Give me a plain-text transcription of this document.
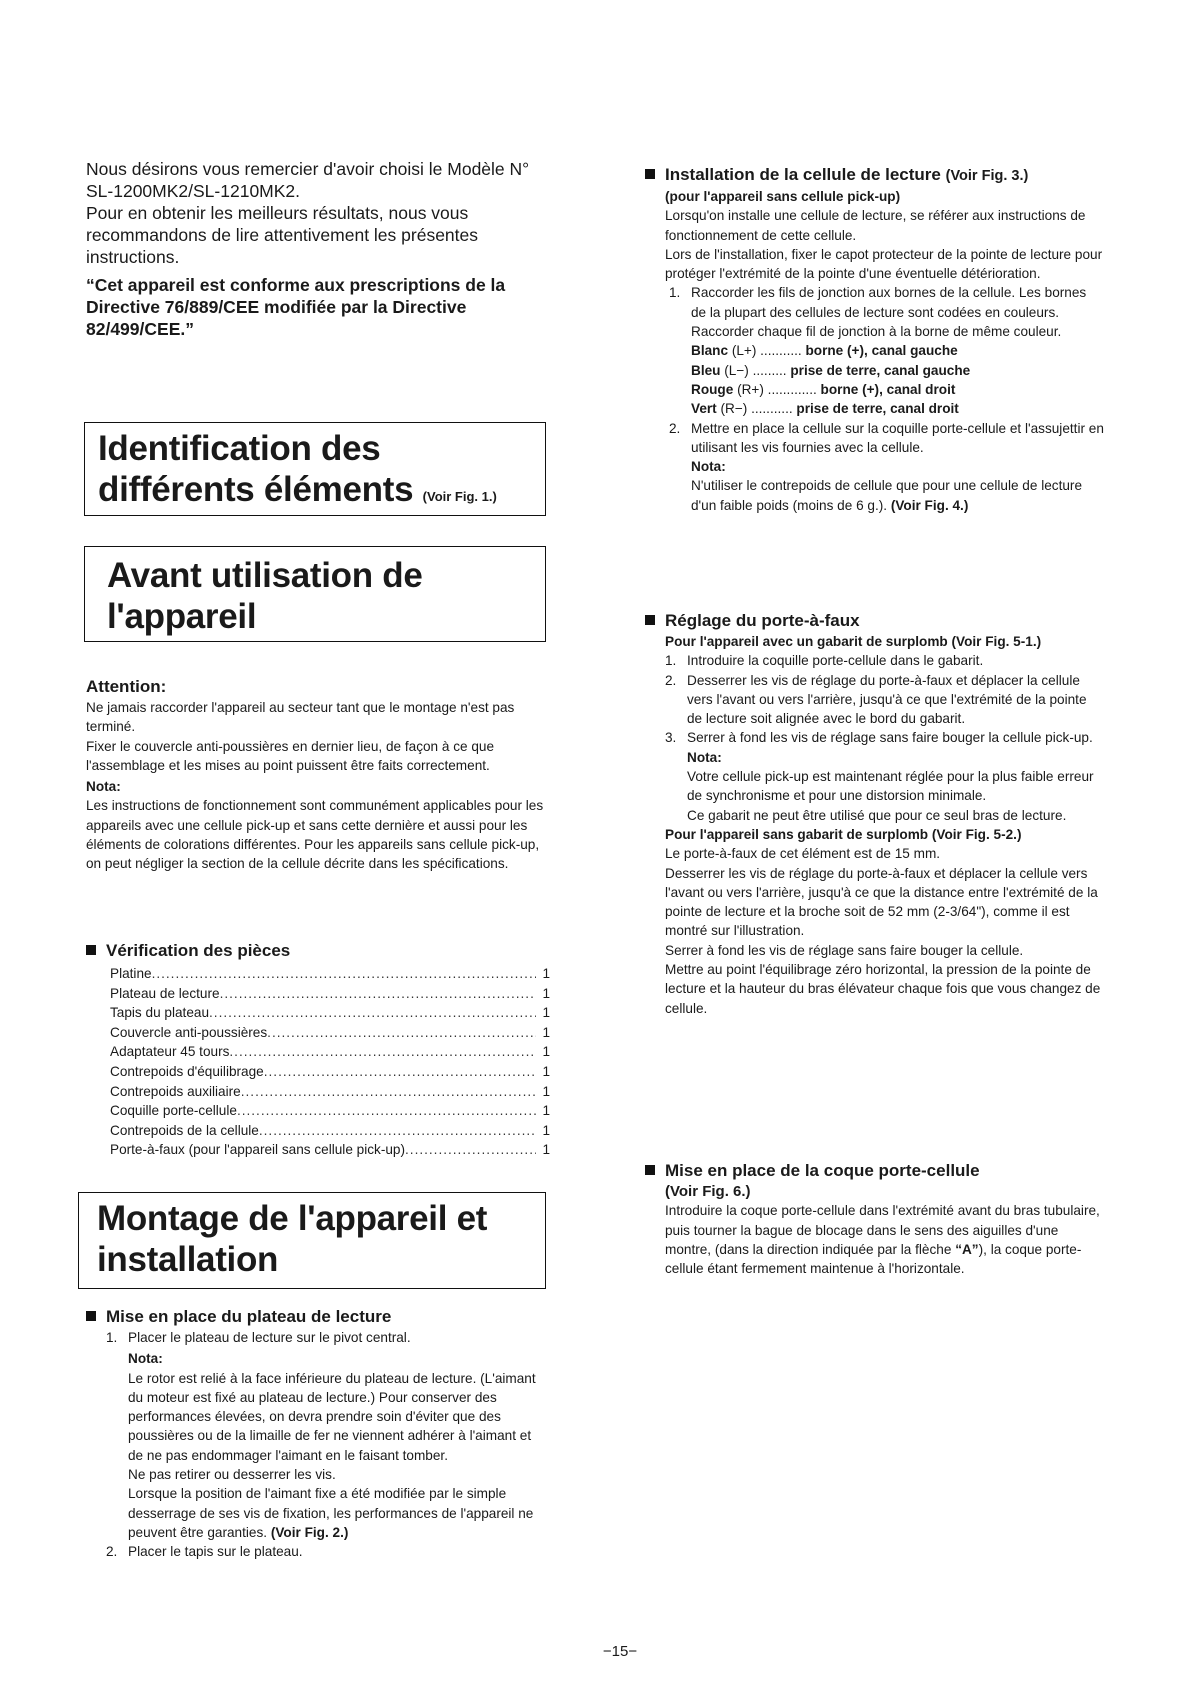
Nous désirons vous remercier d'avoir choisi le Modèle N° SL-1200MK2/SL-1210MK2.

Pour en obtenir les meilleurs résultats, nous vous recommandons de lire attentivement les présentes instructions.

“Cet appareil est conforme aux prescriptions de la Directive 76/889/CEE modifiée par la Directive 82/499/CEE.”

Identification des différents éléments (Voir Fig. 1.)
Avant utilisation de l'appareil
Attention:

Ne jamais raccorder l'appareil au secteur tant que le montage n'est pas terminé.

Fixer le couvercle anti-poussières en dernier lieu, de façon à ce que l'assemblage et les mises au point puissent être faits correctement.

Nota:

Les instructions de fonctionnement sont communément applicables pour les appareils avec une cellule pick-up et sans cette dernière et aussi pour les éléments de colorations différentes. Pour les appareils sans cellule pick-up, on peut négliger la section de la cellule décrite dans les spécifications.

Vérification des pièces
Platine .....	1
Plateau de lecture .....	1
Tapis du plateau .....	1
Couvercle anti-poussières .....	1
Adaptateur 45 tours .....	1
Contrepoids d'équilibrage .....	1
Contrepoids auxiliaire .....	1
Coquille porte-cellule .....	1
Contrepoids de la cellule .....	1
Porte-à-faux (pour l'appareil sans cellule pick-up) .....	1
Montage de l'appareil et installation
Mise en place du plateau de lecture
1. Placer le plateau de lecture sur le pivot central.

Nota:

Le rotor est relié à la face inférieure du plateau de lecture. (L'aimant du moteur est fixé au plateau de lecture.) Pour conserver des performances élevées, on devra prendre soin d'éviter que des poussières ou de la limaille de fer ne viennent adhérer à l'aimant et de ne pas endommager l'aimant en le faisant tomber.

Ne pas retirer ou desserrer les vis.

Lorsque la position de l'aimant fixe a été modifiée par le simple desserrage de ses vis de fixation, les performances de l'appareil ne peuvent être garanties. (Voir Fig. 2.)

2. Placer le tapis sur le plateau.
Installation de la cellule de lecture (Voir Fig. 3.)

(pour l'appareil sans cellule pick-up)

Lorsqu'on installe une cellule de lecture, se référer aux instructions de fonctionnement de cette cellule.

Lors de l'installation, fixer le capot protecteur de la pointe de lecture pour protéger l'extrémité de la pointe d'une éventuelle détérioration.

1. Raccorder les fils de jonction aux bornes de la cellule. Les bornes de la plupart des cellules de lecture sont codées en couleurs. Raccorder chaque fil de jonction à la borne de même couleur.
Blanc (L+) ........... borne (+), canal gauche
Bleu (L−) ......... prise de terre, canal gauche
Rouge (R+) ............. borne (+), canal droit
Vert (R−) ........... prise de terre, canal droit
2. Mettre en place la cellule sur la coquille porte-cellule et l'assujettir en utilisant les vis fournies avec la cellule.

Nota:

N'utiliser le contrepoids de cellule que pour une cellule de lecture d'un faible poids (moins de 6 g.). (Voir Fig. 4.)

Réglage du porte-à-faux

Pour l'appareil avec un gabarit de surplomb (Voir Fig. 5-1.)

1. Introduire la coquille porte-cellule dans le gabarit.
2. Desserrer les vis de réglage du porte-à-faux et déplacer la cellule vers l'avant ou vers l'arrière, jusqu'à ce que l'extrémité de la pointe de lecture soit alignée avec le bord du gabarit.
3. Serrer à fond les vis de réglage sans faire bouger la cellule pick-up.

Nota:

Votre cellule pick-up est maintenant réglée pour la plus faible erreur de synchronisme et pour une distorsion minimale.

Ce gabarit ne peut être utilisé que pour ce seul bras de lecture.

Pour l'appareil sans gabarit de surplomb (Voir Fig. 5-2.)

Le porte-à-faux de cet élément est de 15 mm.

Desserrer les vis de réglage du porte-à-faux et déplacer la cellule vers l'avant ou vers l'arrière, jusqu'à ce que la distance entre l'extrémité de la pointe de lecture et la broche soit de 52 mm (2-3/64"), comme il est montré sur l'illustration.

Serrer à fond les vis de réglage sans faire bouger la cellule.

Mettre au point l'équilibrage zéro horizontal, la pression de la pointe de lecture et la hauteur du bras élévateur chaque fois que vous changez de cellule.

Mise en place de la coque porte-cellule

(Voir Fig. 6.)

Introduire la coque porte-cellule dans l'extrémité avant du bras tubulaire, puis tourner la bague de blocage dans le sens des aiguilles d'une montre, (dans la direction indiquée par la flèche “A”), la coque porte-cellule étant fermement maintenue à l'horizontale.

−15−
